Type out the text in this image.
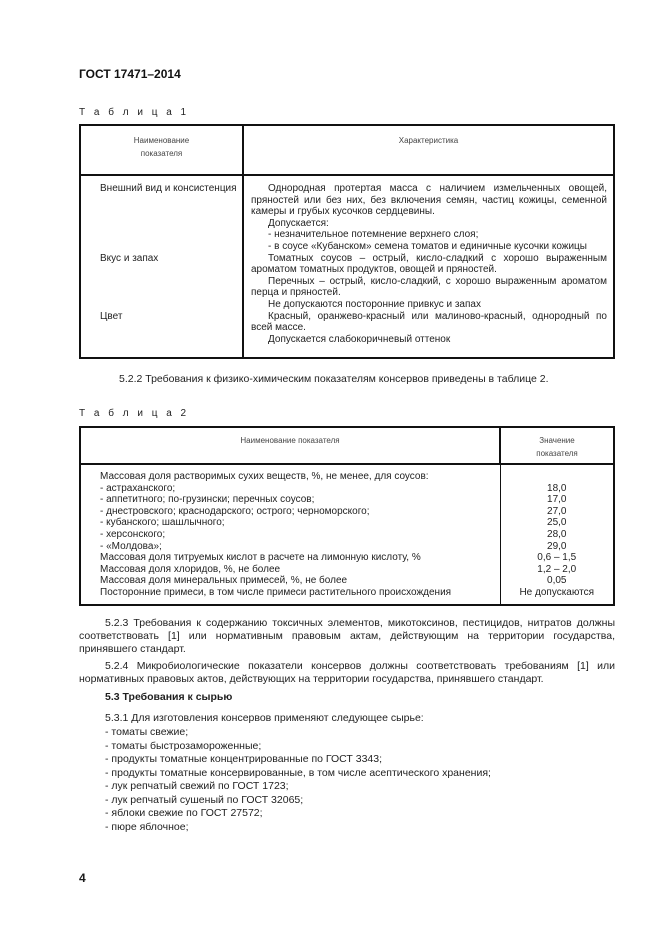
ГОСТ 17471–2014
Т а б л и ц а 1
Наименование
показателя	Характеристика

Внешний вид и консистенция	Однородная протертая масса с наличием измельченных овощей, пряностей или без них, без включения семян, частиц кожицы, семенной камеры и грубых кусочков сердцевины.
Допускается:
- незначительное потемнение верхнего слоя;
- в соусе «Кубанском» семена томатов и единичные кусочки кожицы

Вкус и запах	Томатных соусов – острый, кисло-сладкий с хорошо выраженным ароматом томатных продуктов, овощей и пряностей.
Перечных – острый, кисло-сладкий, с хорошо выраженным ароматом перца и пряностей.
Не допускаются посторонние привкус и запах

Цвет	Красный, оранжево-красный или малиново-красный, однородный по всей массе.
Допускается слабокоричневый оттенок
5.2.2 Требования к физико-химическим показателям консервов приведены в таблице 2.
Т а б л и ц а 2
Наименование показателя	Значение
показателя

Массовая доля растворимых сухих веществ, %, не менее, для соусов:	
- астраханского;	18,0
- аппетитного; по-грузински; перечных соусов;	17,0
- днестровского; краснодарского; острого; черноморского;	27,0
- кубанского; шашлычного;	25,0
- херсонского;	28,0
- «Молдова»;	29,0
Массовая доля титруемых кислот в расчете на лимонную кислоту, %	0,6 – 1,5
Массовая доля хлоридов, %, не более	1,2 – 2,0
Массовая доля минеральных примесей, %, не более	0,05
Посторонние примеси, в том числе примеси растительного происхождения	Не допускаются
5.2.3 Требования к содержанию токсичных элементов, микотоксинов, пестицидов, нитратов должны соответствовать [1] или нормативным правовым актам, действующим на территории государства, принявшего стандарт.
5.2.4 Микробиологические показатели консервов должны соответствовать требованиям [1] или нормативных правовых актов, действующих на территории государства, принявшего стандарт.
5.3 Требования к сырью
5.3.1 Для изготовления консервов применяют следующее сырье:
- томаты свежие;
- томаты быстрозамороженные;
- продукты томатные концентрированные по ГОСТ 3343;
- продукты томатные консервированные, в том числе асептического хранения;
- лук репчатый свежий по ГОСТ 1723;
- лук репчатый сушеный по ГОСТ 32065;
- яблоки свежие по ГОСТ 27572;
- пюре яблочное;
4
